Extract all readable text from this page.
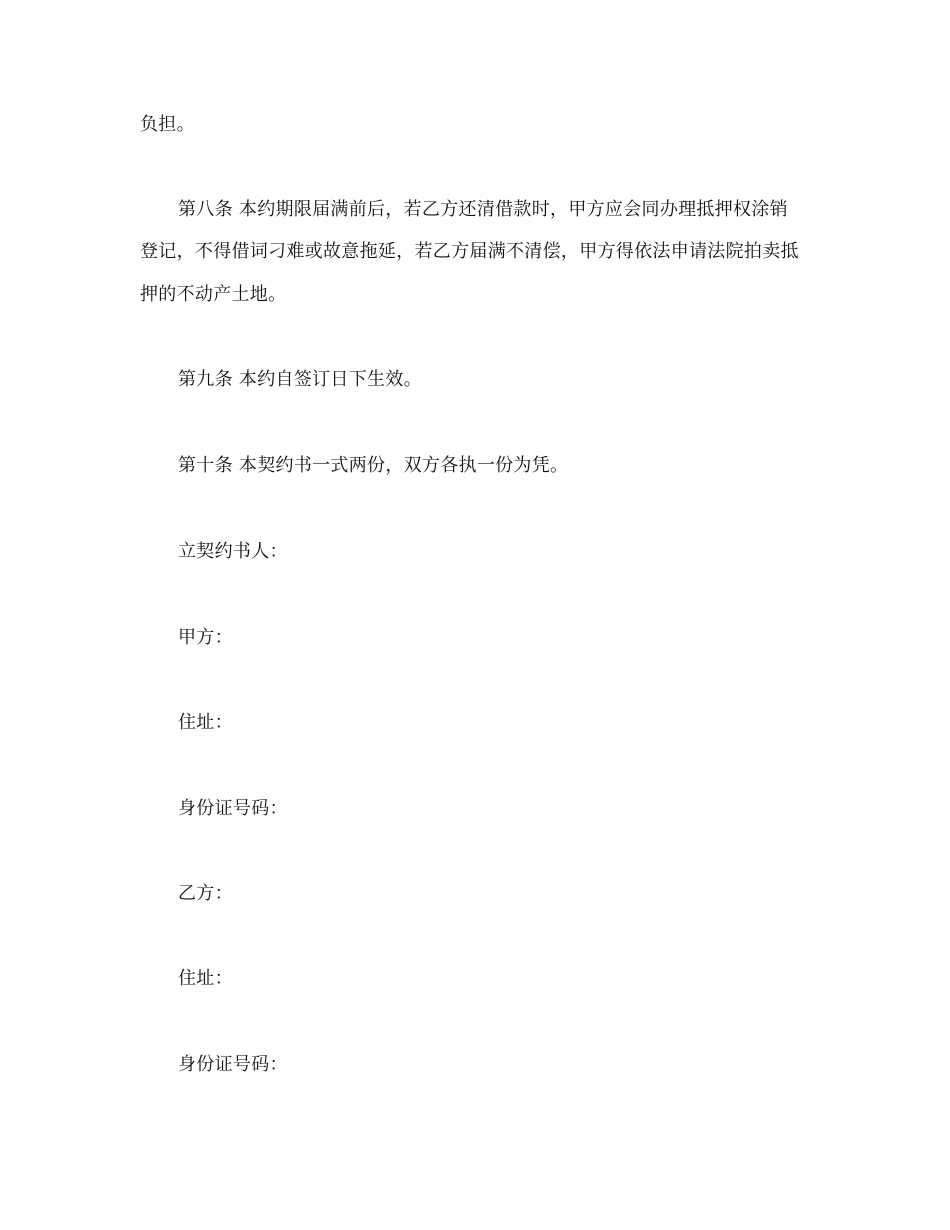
负担。
第八条 本约期限届满前后，若乙方还清借款时，甲方应会同办理抵押权涂销
登记，不得借词刁难或故意拖延，若乙方届满不清偿，甲方得依法申请法院拍卖抵
押的不动产土地。
第九条 本约自签订日下生效。
第十条 本契约书一式两份，双方各执一份为凭。
立契约书人：
甲方：
住址：
身份证号码：
乙方：
住址：
身份证号码：
